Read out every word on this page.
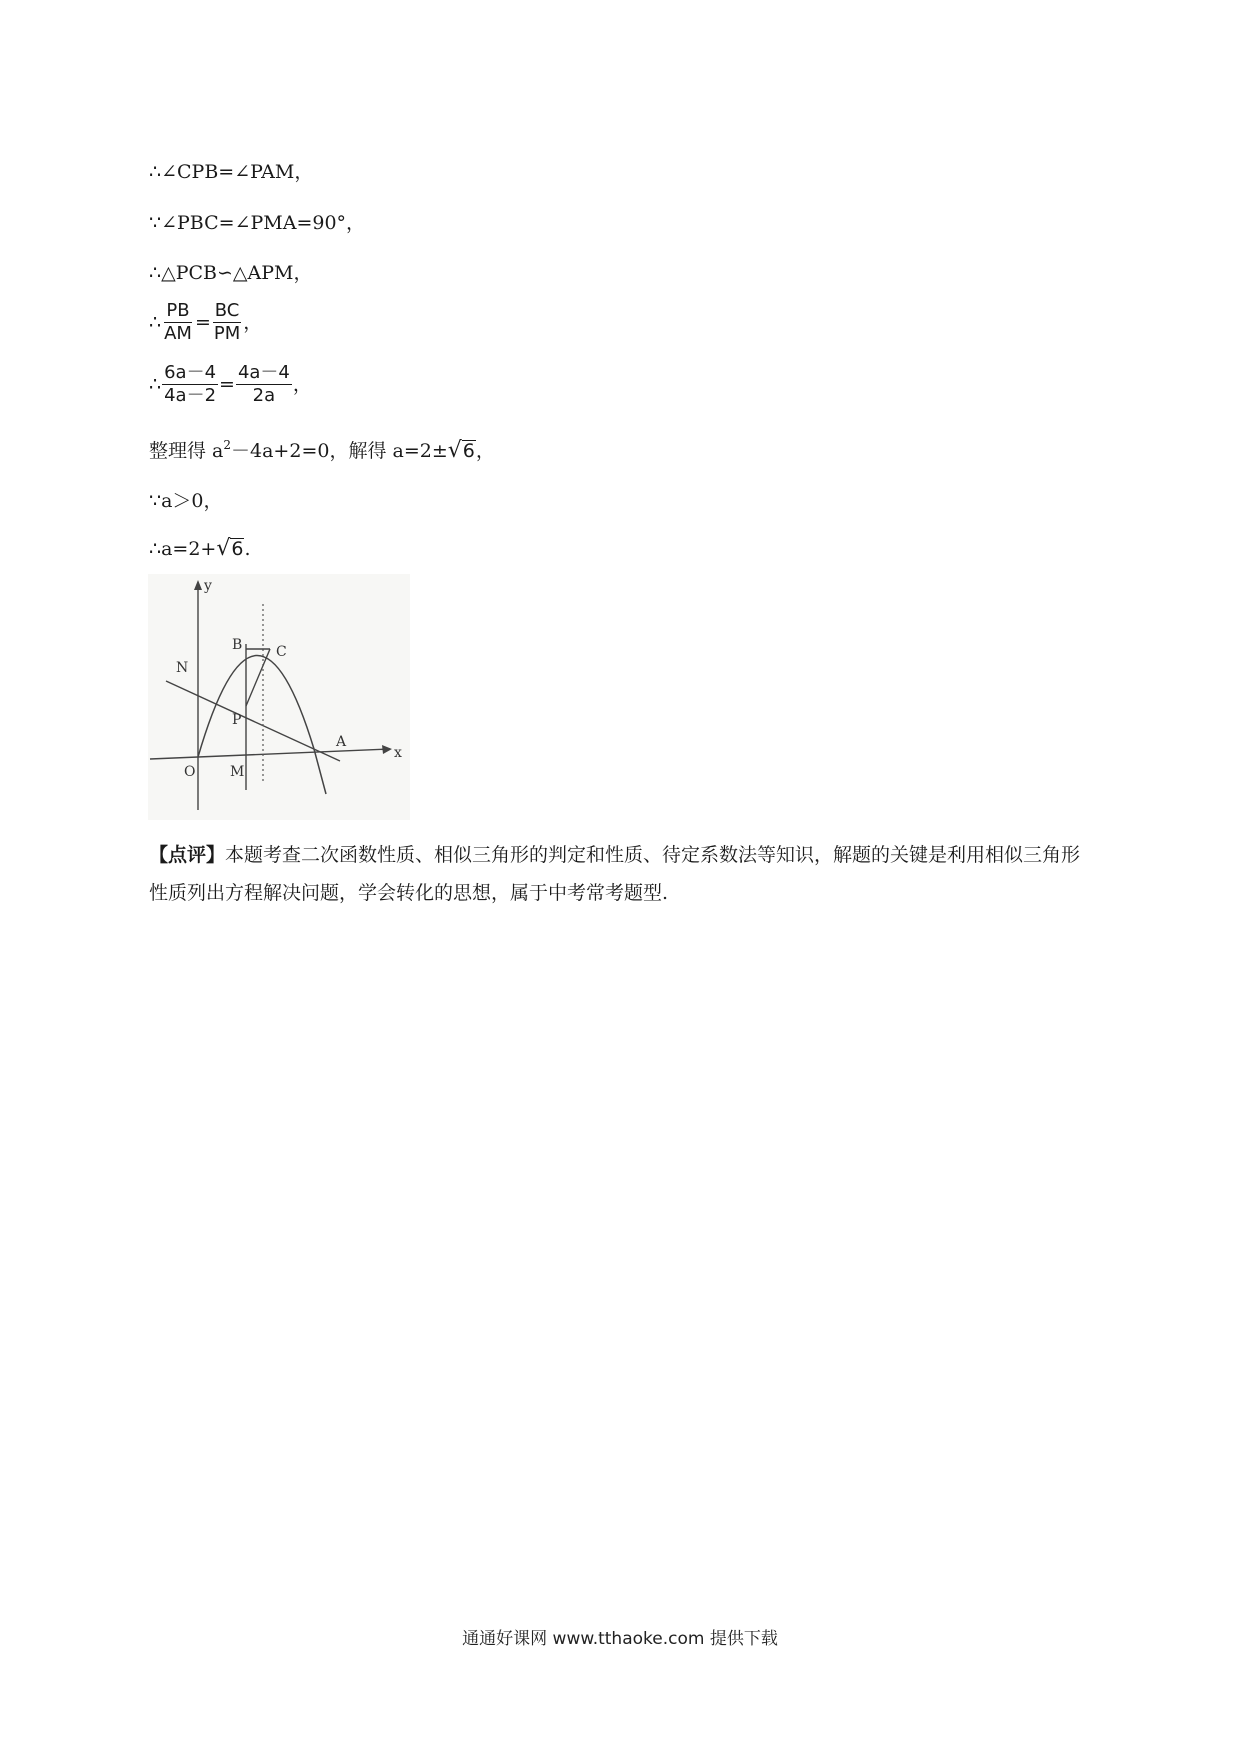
∴∠CPB=∠PAM，
∵∠PBC=∠PMA=90°，
∴△PCB∽△APM，
∴ $\frac{PB}{AM} = \frac{BC}{PM}$ ，
∴ $\frac{6a-4}{4a-2} = \frac{4a-4}{2a}$ ，
整理得 $a^2-4a+2=0$，解得 a=2±√6，
∵a＞0，
∴a=2+√6.
y
x
B C
N
P
A
O M
【点评】本题考查二次函数性质、相似三角形的判定和性质、待定系数法等知识，解题的关键是利用相似三角形性质列出方程解决问题，学会转化的思想，属于中考常考题型.
通通好课网 www.tthaoke.com 提供下载
